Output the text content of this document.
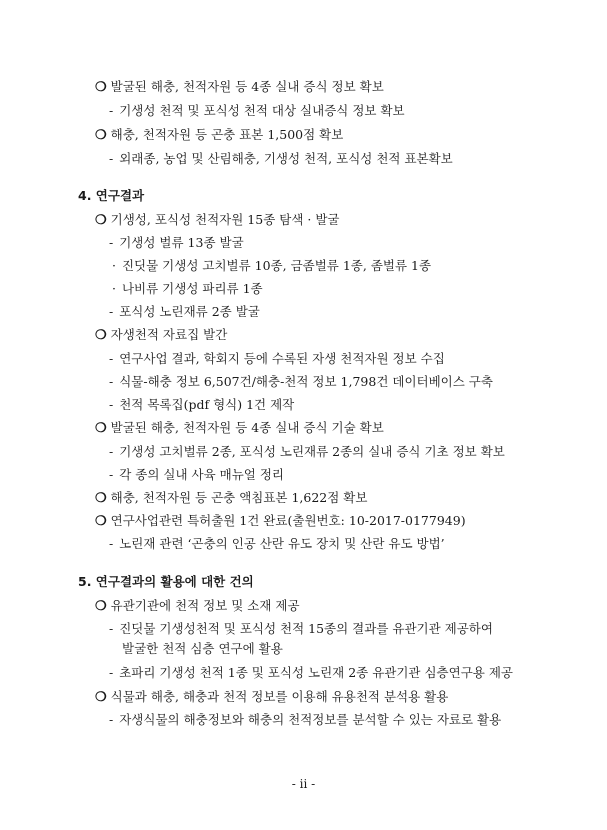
❍ 발굴된 해충, 천적자원 등 4종 실내 증식 정보 확보
- 기생성 천적 및 포식성 천적 대상 실내증식 정보 확보
❍ 해충, 천적자원 등 곤충 표본 1,500점 확보
- 외래종, 농업 및 산림해충, 기생성 천적, 포식성 천적 표본확보
4. 연구결과
❍ 기생성, 포식성 천적자원 15종 탐색 · 발굴
- 기생성 벌류 13종 발굴
· 진딧물 기생성 고치벌류 10종, 금좀벌류 1종, 좀벌류 1종
· 나비류 기생성 파리류 1종
- 포식성 노린재류 2종 발굴
❍ 자생천적 자료집 발간
- 연구사업 결과, 학회지 등에 수록된 자생 천적자원 정보 수집
- 식물-해충 정보 6,507건/해충-천적 정보 1,798건 데이터베이스 구축
- 천적 목록집(pdf 형식) 1건 제작
❍ 발굴된 해충, 천적자원 등 4종 실내 증식 기술 확보
- 기생성 고치벌류 2종, 포식성 노린재류 2종의 실내 증식 기초 정보 확보
- 각 종의 실내 사육 매뉴얼 정리
❍ 해충, 천적자원 등 곤충 액침표본 1,622점 확보
❍ 연구사업관련 특허출원 1건 완료(출원번호: 10-2017-0177949)
- 노린재 관련 ‘곤충의 인공 산란 유도 장치 및 산란 유도 방법’
5. 연구결과의 활용에 대한 건의
❍ 유관기관에 천적 정보 및 소재 제공
- 진딧물 기생성천적 및 포식성 천적 15종의 결과를 유관기관 제공하여
발굴한 천적 심층 연구에 활용
- 초파리 기생성 천적 1종 및 포식성 노린재 2종 유관기관 심층연구용 제공
❍ 식물과 해충, 해충과 천적 정보를 이용해 유용천적 분석용 활용
- 자생식물의 해충정보와 해충의 천적정보를 분석할 수 있는 자료로 활용
- ii -
